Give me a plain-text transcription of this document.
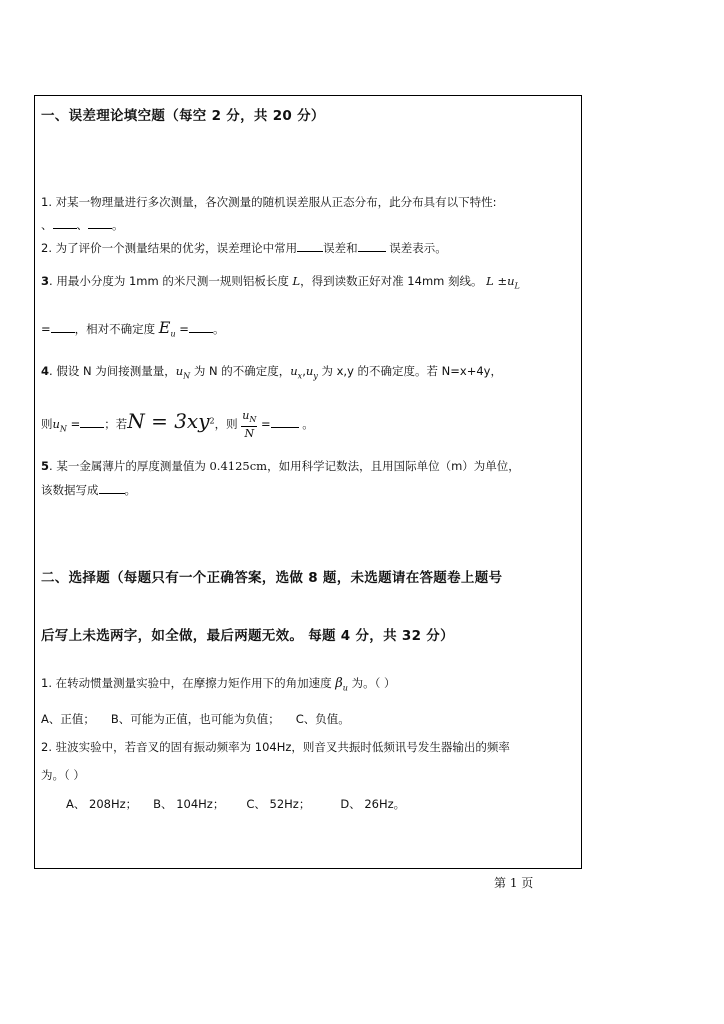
一、误差理论填空题（每空 2 分，共 20 分）
1. 对某一物理量进行多次测量，各次测量的随机误差服从正态分布，此分布具有以下特性:
、 、 。
2. 为了评价一个测量结果的优劣，误差理论中常用 误差和 误差表示。
3. 用最小分度为 1mm 的米尺测一规则铝板长度 L，得到读数正好对准 14mm 刻线。 $L \pm u_L$
= ，相对不确定度 $E_u$ = 。
4. 假设 N 为间接测量量，$u_N$ 为 N 的不确定度，$u_x,u_y$ 为 x,y 的不确定度。若 N=x+4y，
则$u_N$ = ；若$N = 3xy^2$，则 $\frac{u_N}{N}$ = 。
5. 某一金属薄片的厚度测量值为 0.4125cm，如用科学记数法，且用国际单位（m）为单位，
该数据写成 。
二、选择题（每题只有一个正确答案，选做 8 题，未选题请在答题卷上题号
后写上未选两字，如全做，最后两题无效。 每题 4 分，共 32 分）
1. 在转动惯量测量实验中，在摩擦力矩作用下的角加速度 $\beta_u$ 为。（ ）
A、正值； B、可能为正值，也可能为负值； C、负值。
2. 驻波实验中，若音叉的固有振动频率为 104Hz，则音叉共振时低频讯号发生器输出的频率
为。（ ）
A、 208Hz； B、 104Hz； C、 52Hz；	D、 26Hz。
第 1 页
